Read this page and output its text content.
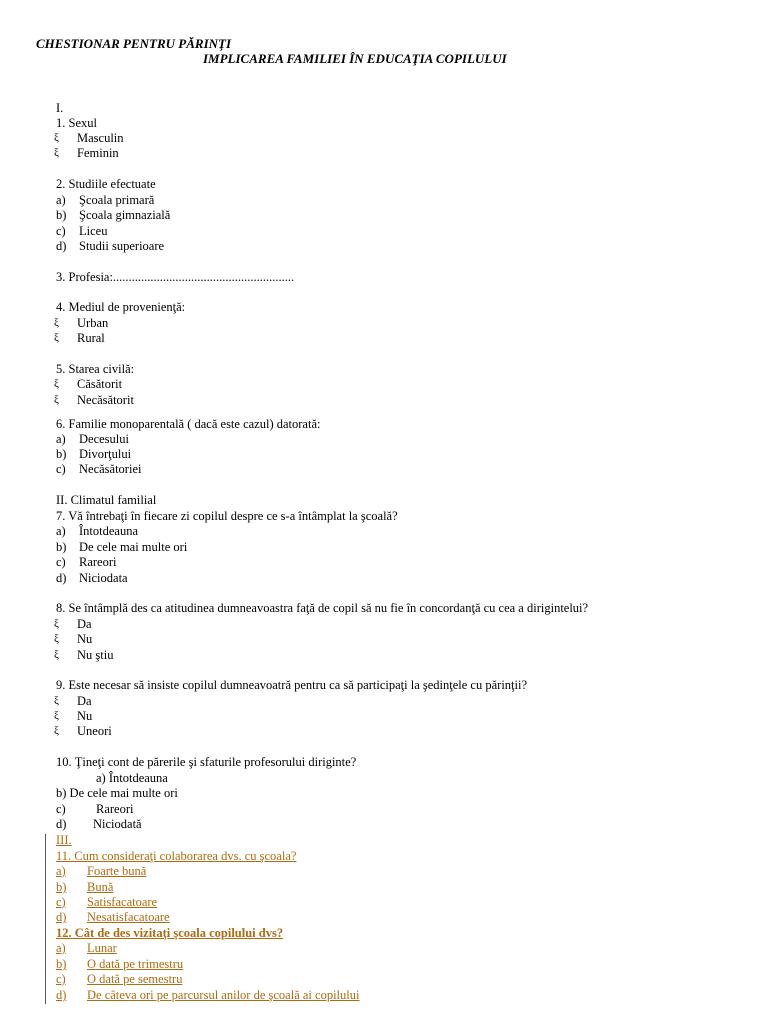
CHESTIONAR PENTRU PĂRINŢI
IMPLICAREA FAMILIEI ÎN EDUCAŢIA COPILULUI
I.
1. Sexul
ξ Masculin
ξ Feminin
2. Studiile efectuate
a) Şcoala primară
b) Şcoala gimnazială
c) Liceu
d) Studii superioare
3. Profesia:..........................................................
4. Mediul de provenienţă:
ξ Urban
ξ Rural
5. Starea civilă:
ξ Căsătorit
ξ Necăsătorit
6. Familie monoparentală ( dacă este cazul) datorată:
a) Decesului
b) Divorţului
c) Necăsătoriei
II. Climatul familial
7. Vă întrebaţi în fiecare zi copilul despre ce s-a întâmplat la şcoală?
a) Întotdeauna
b) De cele mai multe ori
c) Rareori
d) Niciodata
8. Se întâmplă des ca atitudinea dumneavoastra faţă de copil să nu fie în concordanţă cu cea a dirigintelui?
ξ Da
ξ Nu
ξ Nu ştiu
9. Este necesar să insiste copilul dumneavoatră pentru ca să participaţi la şedinţele cu părinţii?
ξ Da
ξ Nu
ξ Uneori
10. Ţineţi cont de părerile şi sfaturile profesorului diriginte?
a) Întotdeauna
b) De cele mai multe ori
c) Rareori
d) Niciodată
III.
11. Cum consideraţi colaborarea dvs. cu şcoala?
a) Foarte bună
b) Bună
c) Satisfacatoare
d) Nesatisfacatoare
12. Cât de des vizitaţi şcoala copilului dvs?
a) Lunar
b) O dată pe trimestru
c) O dată pe semestru
d) De câteva ori pe parcursul anilor de şcoală ai copilului
